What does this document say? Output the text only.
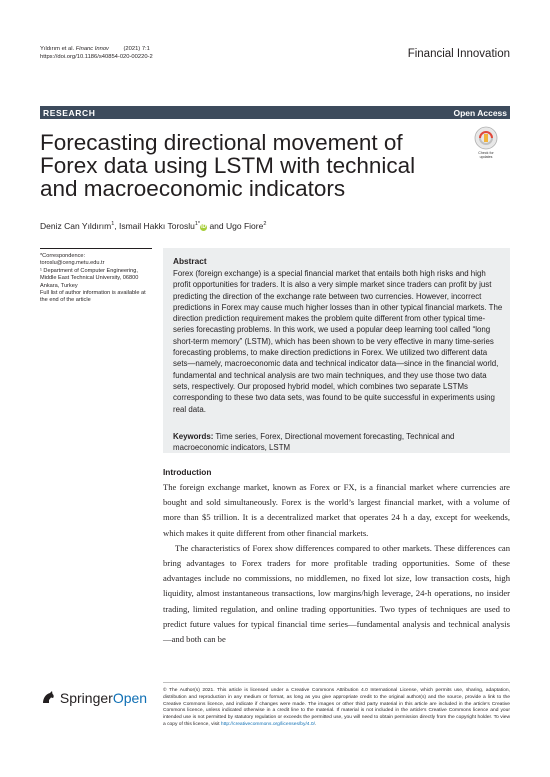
Yıldırım et al. Financ Innov         (2021) 7:1
https://doi.org/10.1186/s40854-020-00220-2	Financial Innovation
RESEARCH	Open Access
Forecasting directional movement of Forex data using LSTM with technical and macroeconomic indicators
Check for
updates
Deniz Can Yıldırım$^1$, Ismail Hakkı Toroslu$^{1*}$iD and Ugo Fiore$^2$
*Correspondence:
toroslu@ceng.metu.edu.tr
¹ Department of Computer Engineering, Middle East Technical University, 06800 Ankara, Turkey
Full list of author information is available at the end of the article
Abstract
Forex (foreign exchange) is a special financial market that entails both high risks and high profit opportunities for traders. It is also a very simple market since traders can profit by just predicting the direction of the exchange rate between two currencies. However, incorrect predictions in Forex may cause much higher losses than in other typical financial markets. The direction prediction requirement makes the problem quite different from other typical time-series forecasting problems. In this work, we used a popular deep learning tool called “long short-term memory” (LSTM), which has been shown to be very effective in many time-series forecasting problems, to make direction predictions in Forex. We utilized two different data sets—namely, macroeconomic data and technical indicator data—since in the financial world, fundamental and technical analysis are two main techniques, and they use those two data sets, respectively. Our proposed hybrid model, which combines two separate LSTMs corresponding to these two data sets, was found to be quite successful in experiments using real data.
Keywords: Time series, Forex, Directional movement forecasting, Technical and macroeconomic indicators, LSTM
Introduction

The foreign exchange market, known as Forex or FX, is a financial market where currencies are bought and sold simultaneously. Forex is the world’s largest financial market, with a volume of more than $5 trillion. It is a decentralized market that operates 24 h a day, except for weekends, which makes it quite different from other financial markets.

The characteristics of Forex show differences compared to other markets. These differences can bring advantages to Forex traders for more profitable trading opportunities. Some of these advantages include no commissions, no middlemen, no fixed lot size, low transaction costs, high liquidity, almost instantaneous transactions, low margins/high leverage, 24-h operations, no insider trading, limited regulation, and online trading opportunities. Two types of techniques are used to predict future values for typical financial time series—fundamental analysis and technical analysis—and both can be

SpringerOpen	© The Author(s) 2021. This article is licensed under a Creative Commons Attribution 4.0 International License, which permits use, sharing, adaptation, distribution and reproduction in any medium or format, as long as you give appropriate credit to the original author(s) and the source, provide a link to the Creative Commons licence, and indicate if changes were made. The images or other third party material in this article are included in the article’s Creative Commons licence, unless indicated otherwise in a credit line to the material. If material is not included in the article’s Creative Commons licence and your intended use is not permitted by statutory regulation or exceeds the permitted use, you will need to obtain permission directly from the copyright holder. To view a copy of this licence, visit http://creativecommons.org/licenses/by/4.0/.
